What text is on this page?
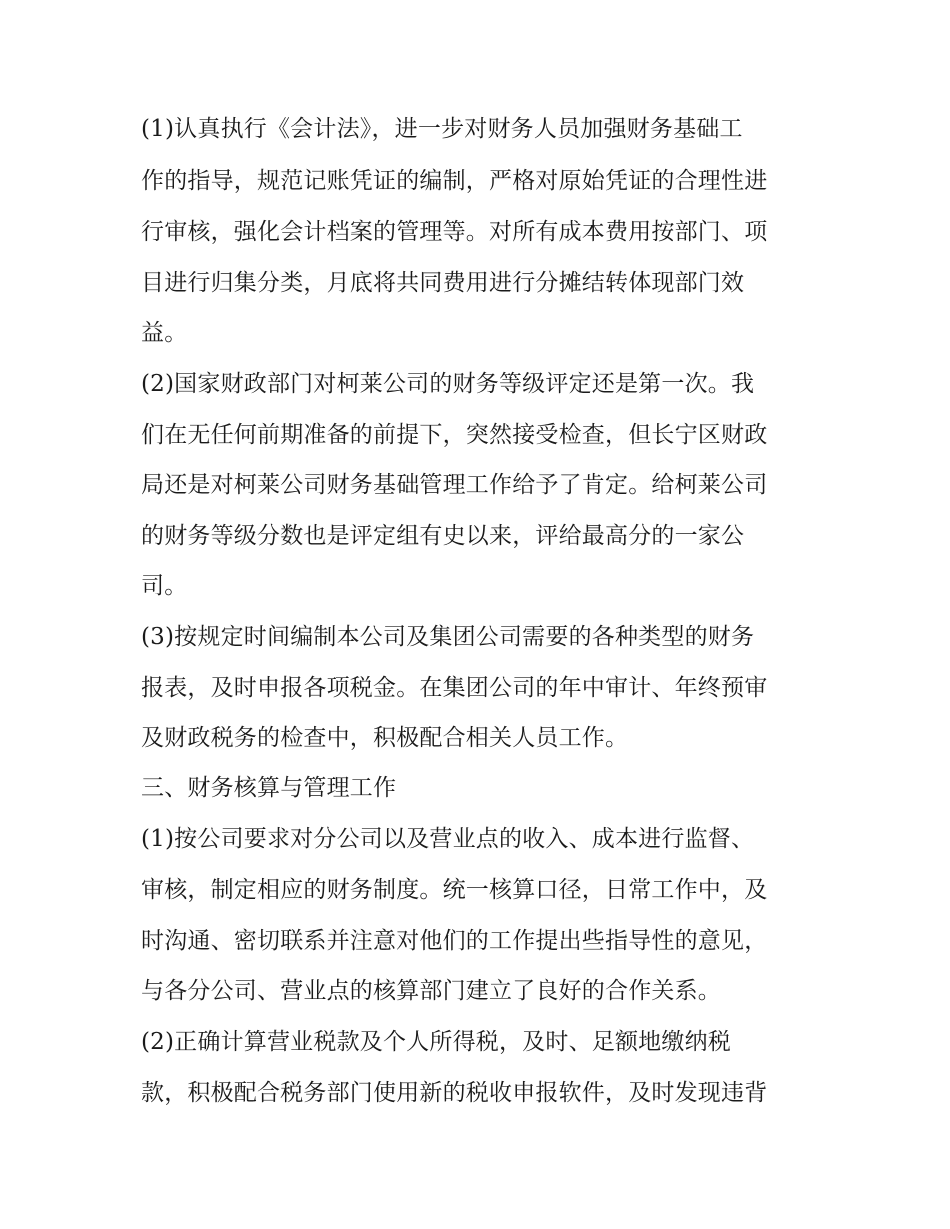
(1)认真执行《会计法》，进一步对财务人员加强财务基础工
作的指导，规范记账凭证的编制，严格对原始凭证的合理性进
行审核，强化会计档案的管理等。对所有成本费用按部门、项
目进行归集分类，月底将共同费用进行分摊结转体现部门效
益。
(2)国家财政部门对柯莱公司的财务等级评定还是第一次。我
们在无任何前期准备的前提下，突然接受检查，但长宁区财政
局还是对柯莱公司财务基础管理工作给予了肯定。给柯莱公司
的财务等级分数也是评定组有史以来，评给最高分的一家公
司。
(3)按规定时间编制本公司及集团公司需要的各种类型的财务
报表，及时申报各项税金。在集团公司的年中审计、年终预审
及财政税务的检查中，积极配合相关人员工作。
三、财务核算与管理工作
(1)按公司要求对分公司以及营业点的收入、成本进行监督、
审核，制定相应的财务制度。统一核算口径，日常工作中，及
时沟通、密切联系并注意对他们的工作提出些指导性的意见，
与各分公司、营业点的核算部门建立了良好的合作关系。
(2)正确计算营业税款及个人所得税，及时、足额地缴纳税
款，积极配合税务部门使用新的税收申报软件，及时发现违背
